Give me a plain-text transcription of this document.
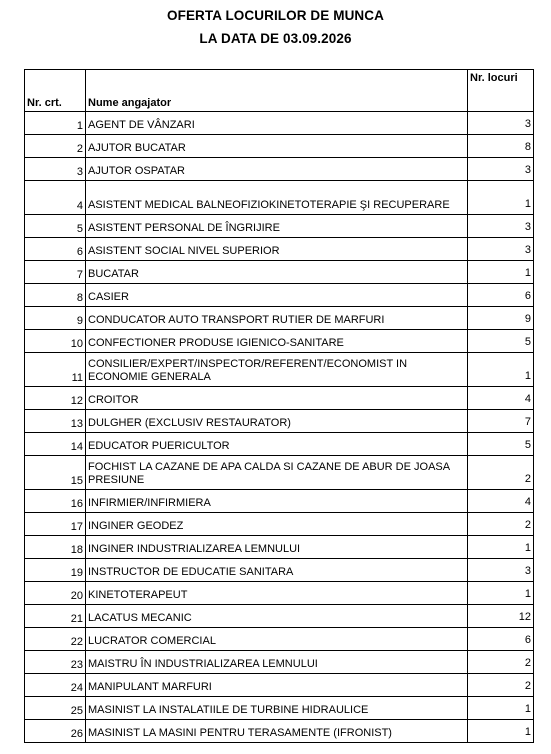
OFERTA LOCURILOR DE MUNCA
LA DATA DE 03.09.2026
Nr. crt.	Nume angajator	Nr. locuri
1	AGENT DE VÂNZARI	3
2	AJUTOR BUCATAR	8
3	AJUTOR OSPATAR	3
4	ASISTENT MEDICAL BALNEOFIZIOKINETOTERAPIE ŞI RECUPERARE	1
5	ASISTENT PERSONAL DE ÎNGRIJIRE	3
6	ASISTENT SOCIAL NIVEL SUPERIOR	3
7	BUCATAR	1
8	CASIER	6
9	CONDUCATOR AUTO TRANSPORT RUTIER DE MARFURI	9
10	CONFECTIONER PRODUSE IGIENICO-SANITARE	5
11	CONSILIER/EXPERT/INSPECTOR/REFERENT/ECONOMIST IN ECONOMIE GENERALA	1
12	CROITOR	4
13	DULGHER (EXCLUSIV RESTAURATOR)	7
14	EDUCATOR PUERICULTOR	5
15	FOCHIST LA CAZANE DE APA CALDA SI CAZANE DE ABUR DE JOASA PRESIUNE	2
16	INFIRMIER/INFIRMIERA	4
17	INGINER GEODEZ	2
18	INGINER INDUSTRIALIZAREA LEMNULUI	1
19	INSTRUCTOR DE EDUCATIE SANITARA	3
20	KINETOTERAPEUT	1
21	LACATUS MECANIC	12
22	LUCRATOR COMERCIAL	6
23	MAISTRU ÎN INDUSTRIALIZAREA LEMNULUI	2
24	MANIPULANT MARFURI	2
25	MASINIST LA INSTALATIILE DE TURBINE HIDRAULICE	1
26	MASINIST LA MASINI PENTRU TERASAMENTE (IFRONIST)	1
